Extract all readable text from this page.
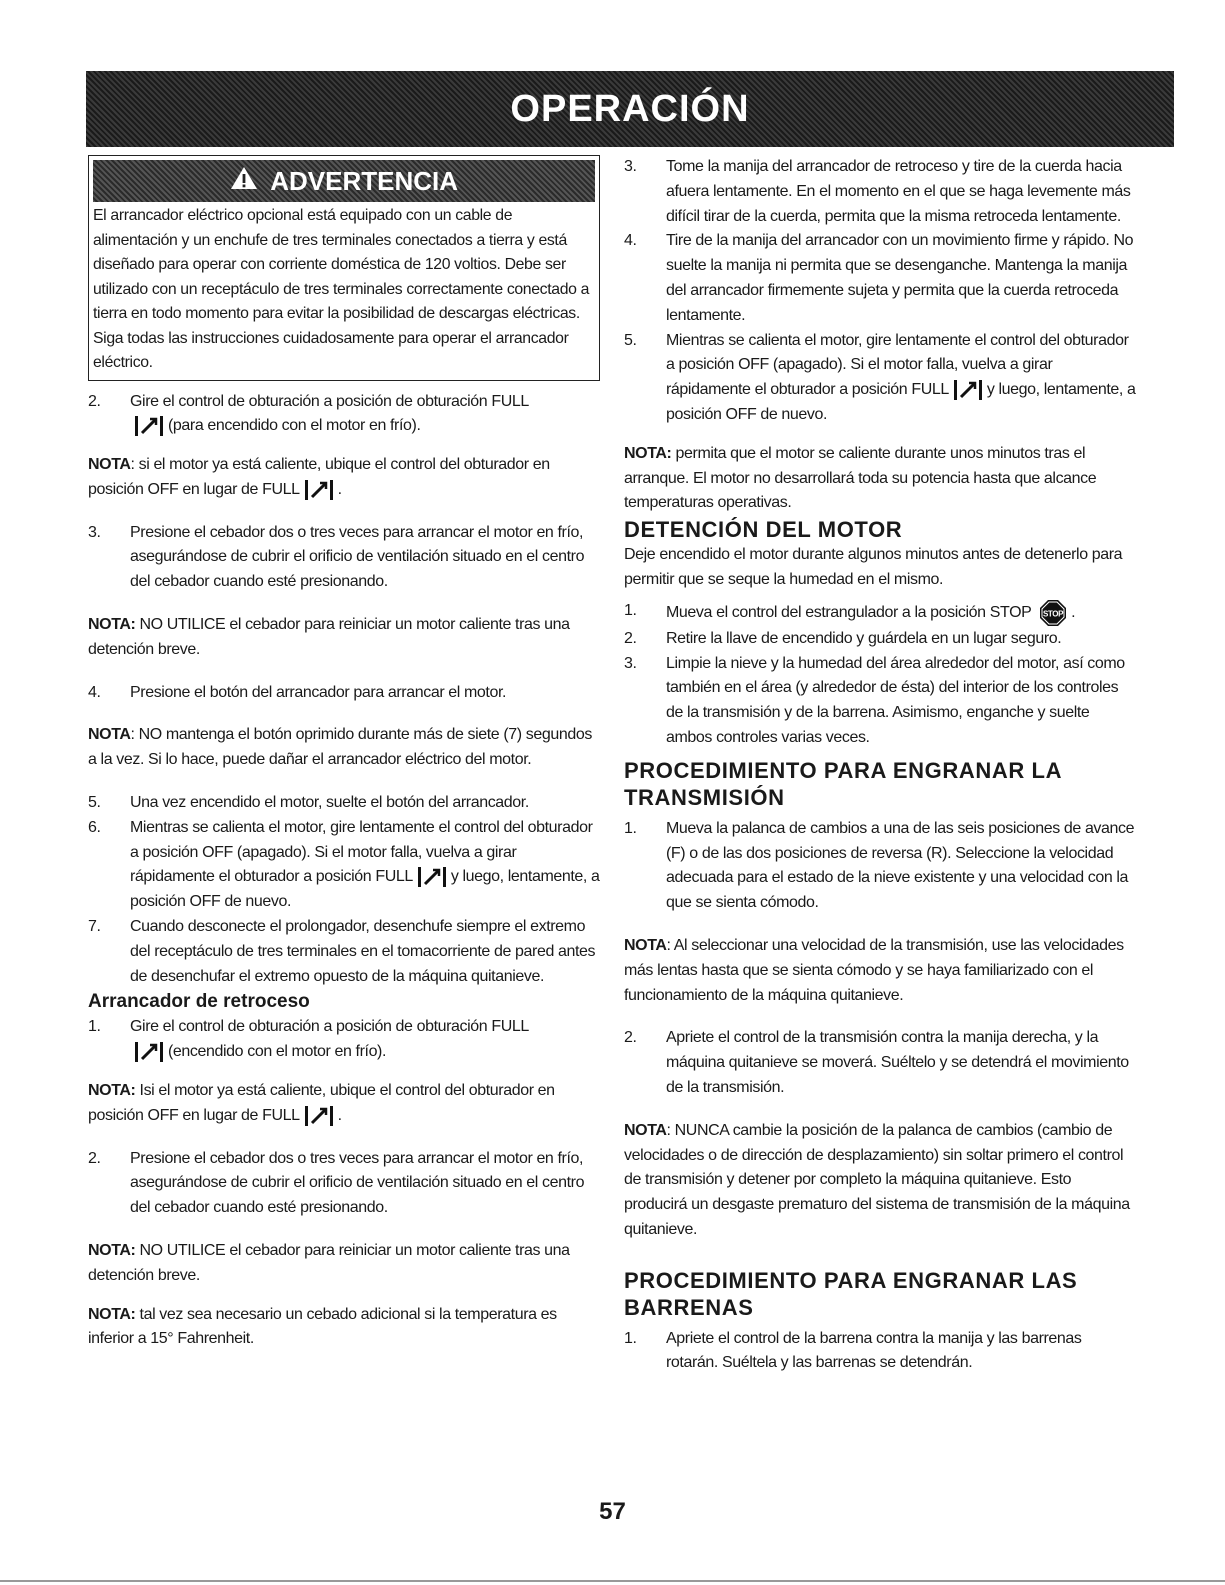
OPERACIÓN
ADVERTENCIA
El arrancador eléctrico opcional está equipado con un cable de alimentación y un enchufe de tres terminales conectados a tierra y está diseñado para operar con corriente doméstica de 120 voltios. Debe ser utilizado con un receptáculo de tres terminales correctamente conectado a tierra en todo momento para evitar la posibilidad de descargas eléctricas. Siga todas las instrucciones cuidadosamente para operar el arrancador eléctrico.
2.	Gire el control de obturación a posición de obturación FULL
(para encendido con el motor en frío).

NOTA: si el motor ya está caliente, ubique el control del obturador en posición OFF en lugar de FULL .

3.	Presione el cebador dos o tres veces para arrancar el motor en frío, asegurándose de cubrir el orificio de ventilación situado en el centro del cebador cuando esté presionando.

NOTA: NO UTILICE el cebador para reiniciar un motor caliente tras una detención breve.

4.	Presione el botón del arrancador para arrancar el motor.

NOTA: NO mantenga el botón oprimido durante más de siete (7) segundos a la vez. Si lo hace, puede dañar el arrancador eléctrico del motor.

5.	Una vez encendido el motor, suelte el botón del arrancador.
6.	Mientras se calienta el motor, gire lentamente el control del obturador a posición OFF (apagado). Si el motor falla, vuelva a girar rápidamente el obturador a posición FULL y luego, lentamente, a posición OFF de nuevo.
7.	Cuando desconecte el prolongador, desenchufe siempre el extremo del receptáculo de tres terminales en el tomacorriente de pared antes de desenchufar el extremo opuesto de la máquina quitanieve.
Arrancador de retroceso
1.	Gire el control de obturación a posición de obturación FULL
(encendido con el motor en frío).

NOTA: Isi el motor ya está caliente, ubique el control del obturador en posición OFF en lugar de FULL .

2.	Presione el cebador dos o tres veces para arrancar el motor en frío, asegurándose de cubrir el orificio de ventilación situado en el centro del cebador cuando esté presionando.

NOTA: NO UTILICE el cebador para reiniciar un motor caliente tras una detención breve.

NOTA: tal vez sea necesario un cebado adicional si la temperatura es inferior a 15° Fahrenheit.

3.	Tome la manija del arrancador de retroceso y tire de la cuerda hacia afuera lentamente. En el momento en el que se haga levemente más difícil tirar de la cuerda, permita que la misma retroceda lentamente.
4.	Tire de la manija del arrancador con un movimiento firme y rápido. No suelte la manija ni permita que se desenganche. Mantenga la manija del arrancador firmemente sujeta y permita que la cuerda retroceda lentamente.
5.	Mientras se calienta el motor, gire lentamente el control del obturador a posición OFF (apagado). Si el motor falla, vuelva a girar rápidamente el obturador a posición FULL y luego, lentamente, a posición OFF de nuevo.

NOTA: permita que el motor se caliente durante unos minutos tras el arranque. El motor no desarrollará toda su potencia hasta que alcance temperaturas operativas.

DETENCIÓN DEL MOTOR

Deje encendido el motor durante algunos minutos antes de detenerlo para permitir que se seque la humedad en el mismo.

1.	Mueva el control del estrangulador a la posición STOP STOP .
2.	Retire la llave de encendido y guárdela en un lugar seguro.
3.	Limpie la nieve y la humedad del área alrededor del motor, así como también en el área (y alrededor de ésta) del interior de los controles de la transmisión y de la barrena. Asimismo, enganche y suelte ambos controles varias veces.
PROCEDIMIENTO PARA ENGRANAR LA TRANSMISIÓN
1.	Mueva la palanca de cambios a una de las seis posiciones de avance (F) o de las dos posiciones de reversa (R). Seleccione la velocidad adecuada para el estado de la nieve existente y una velocidad con la que se sienta cómodo.

NOTA: Al seleccionar una velocidad de la transmisión, use las velocidades más lentas hasta que se sienta cómodo y se haya familiarizado con el funcionamiento de la máquina quitanieve.

2.	Apriete el control de la transmisión contra la manija derecha, y la máquina quitanieve se moverá. Suéltelo y se detendrá el movimiento de la transmisión.

NOTA: NUNCA cambie la posición de la palanca de cambios (cambio de velocidades o de dirección de desplazamiento) sin soltar primero el control de transmisión y detener por completo la máquina quitanieve. Esto producirá un desgaste prematuro del sistema de transmisión de la máquina quitanieve.

PROCEDIMIENTO PARA ENGRANAR LAS BARRENAS
1.	Apriete el control de la barrena contra la manija y las barrenas rotarán. Suéltela y las barrenas se detendrán.
57
